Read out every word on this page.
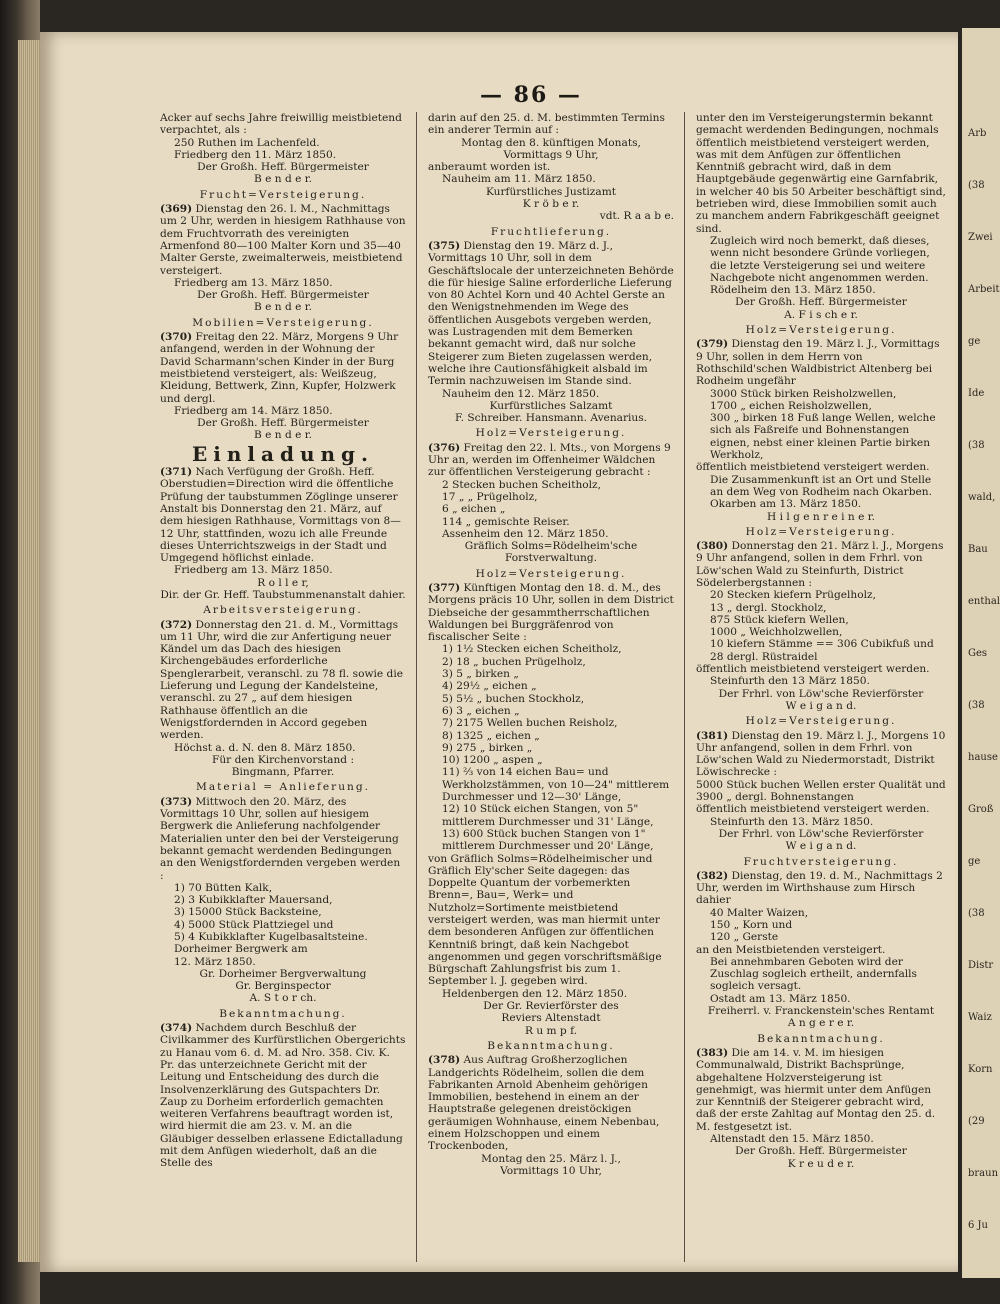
— 86 —

Acker auf sechs Jahre freiwillig meistbietend verpachtet, als :

250 Ruthen im Lachenfeld.

Friedberg den 11. März 1850.

Der Großh. Heff. Bürgermeister

B e n d e r.

Frucht=Versteigerung.

(369) Dienstag den 26. l. M., Nachmittags um 2 Uhr, werden in hiesigem Rathhause von dem Fruchtvorrath des vereinigten Armenfond 80—100 Malter Korn und 35—40 Malter Gerste, zweimalterweis, meistbietend versteigert.

Friedberg am 13. März 1850.

Der Großh. Heff. Bürgermeister

B e n d e r.

Mobilien=Versteigerung.

(370) Freitag den 22. März, Morgens 9 Uhr anfangend, werden in der Wohnung der David Scharmann'schen Kinder in der Burg meistbietend versteigert, als: Weißzeug, Kleidung, Bettwerk, Zinn, Kupfer, Holzwerk und dergl.

Friedberg am 14. März 1850.

Der Großh. Heff. Bürgermeister

B e n d e r.

Einladung.

(371) Nach Verfügung der Großh. Heff. Oberstudien=Direction wird die öffentliche Prüfung der taubstummen Zöglinge unserer Anstalt bis Donnerstag den 21. März, auf dem hiesigen Rathhause, Vormittags von 8—12 Uhr, stattfinden, wozu ich alle Freunde dieses Unterrichtszweigs in der Stadt und Umgegend höflichst einlade.

Friedberg am 13. März 1850.

R o l l e r,

Dir. der Gr. Heff. Taubstummenanstalt dahier.

Arbeitsversteigerung.

(372) Donnerstag den 21. d. M., Vormittags um 11 Uhr, wird die zur Anfertigung neuer Kändel um das Dach des hiesigen Kirchengebäudes erforderliche Spenglerarbeit, veranschl. zu 78 fl. sowie die Lieferung und Legung der Kandelsteine, veranschl. zu 27 „ auf dem hiesigen Rathhause öffentlich an die Wenigstfordernden in Accord gegeben werden.

Höchst a. d. N. den 8. März 1850.

Für den Kirchenvorstand :

Bingmann, Pfarrer.

Material = Anlieferung.

(373) Mittwoch den 20. März, des Vormittags 10 Uhr, sollen auf hiesigem Bergwerk die Anlieferung nachfolgender Materialien unter den bei der Versteigerung bekannt gemacht werdenden Bedingungen an den Wenigstfordernden vergeben werden :

1) 70 Bütten Kalk,

2) 3 Kubikklafter Mauersand,

3) 15000 Stück Backsteine,

4) 5000 Stück Plattziegel und

5) 4 Kubikklafter Kugelbasaltsteine.

Dorheimer Bergwerk am

12. März 1850.

Gr. Dorheimer Bergverwaltung

Gr. Berginspector

A. S t o r ch.

Bekanntmachung.

(374) Nachdem durch Beschluß der Civilkammer des Kurfürstlichen Obergerichts zu Hanau vom 6. d. M. ad Nro. 358. Civ. K. Pr. das unterzeichnete Gericht mit der Leitung und Entscheidung des durch die Insolvenzerklärung des Gutspachters Dr. Zaup zu Dorheim erforderlich gemachten weiteren Verfahrens beauftragt worden ist, wird hiermit die am 23. v. M. an die Gläubiger desselben erlassene Edictalladung mit dem Anfügen wiederholt, daß an die Stelle des

darin auf den 25. d. M. bestimmten Termins ein anderer Termin auf :

Montag den 8. künftigen Monats,

Vormittags 9 Uhr,

anberaumt worden ist.

Nauheim am 11. März 1850.

Kurfürstliches Justizamt

K r ö b e r.

vdt. R a a b e.

Fruchtlieferung.

(375) Dienstag den 19. März d. J., Vormittags 10 Uhr, soll in dem Geschäftslocale der unterzeichneten Behörde die für hiesige Saline erforderliche Lieferung von 80 Achtel Korn und 40 Achtel Gerste an den Wenigstnehmenden im Wege des öffentlichen Ausgebots vergeben werden, was Lustragenden mit dem Bemerken bekannt gemacht wird, daß nur solche Steigerer zum Bieten zugelassen werden, welche ihre Cautionsfähigkeit alsbald im Termin nachzuweisen im Stande sind.

Nauheim den 12. März 1850.

Kurfürstliches Salzamt

F. Schreiber. Hansmann. Avenarius.

Holz=Versteigerung.

(376) Freitag den 22. l. Mts., von Morgens 9 Uhr an, werden im Offenheimer Wäldchen zur öffentlichen Versteigerung gebracht :

2 Stecken buchen Scheitholz,

17 „ „ Prügelholz,

6 „ eichen „

114 „ gemischte Reiser.

Assenheim den 12. März 1850.

Gräflich Solms=Rödelheim'sche Forstverwaltung.

Holz=Versteigerung.

(377) Künftigen Montag den 18. d. M., des Morgens präcis 10 Uhr, sollen in dem District Diebseiche der gesammtherrschaftlichen Waldungen bei Burggräfenrod von fiscalischer Seite :

1) 1½ Stecken eichen Scheitholz,

2) 18 „ buchen Prügelholz,

3) 5 „ birken „

4) 29½ „ eichen „

5) 5½ „ buchen Stockholz,

6) 3 „ eichen „

7) 2175 Wellen buchen Reisholz,

8) 1325 „ eichen „

9) 275 „ birken „

10) 1200 „ aspen „

11) ⅔ von 14 eichen Bau= und Werkholzstämmen, von 10—24" mittlerem Durchmesser und 12—30' Länge,

12) 10 Stück eichen Stangen, von 5" mittlerem Durchmesser und 31' Länge,

13) 600 Stück buchen Stangen von 1" mittlerem Durchmesser und 20' Länge,

von Gräflich Solms=Rödelheimischer und Gräflich Ely'scher Seite dagegen: das Doppelte Quantum der vorbemerkten Brenn=, Bau=, Werk= und Nutzholz=Sortimente meistbietend versteigert werden, was man hiermit unter dem besonderen Anfügen zur öffentlichen Kenntniß bringt, daß kein Nachgebot angenommen und gegen vorschriftsmäßige Bürgschaft Zahlungsfrist bis zum 1. September l. J. gegeben wird.

Heldenbergen den 12. März 1850.

Der Gr. Revierförster des

Reviers Altenstadt

R u m p f.

Bekanntmachung.

(378) Aus Auftrag Großherzoglichen Landgerichts Rödelheim, sollen die dem Fabrikanten Arnold Abenheim gehörigen Immobilien, bestehend in einem an der Hauptstraße gelegenen dreistöckigen geräumigen Wohnhause, einem Nebenbau, einem Holzschoppen und einem Trockenboden,

Montag den 25. März l. J.,

Vormittags 10 Uhr,

unter den im Versteigerungstermin bekannt gemacht werdenden Bedingungen, nochmals öffentlich meistbietend versteigert werden, was mit dem Anfügen zur öffentlichen Kenntniß gebracht wird, daß in dem Hauptgebäude gegenwärtig eine Garnfabrik, in welcher 40 bis 50 Arbeiter beschäftigt sind, betrieben wird, diese Immobilien somit auch zu manchem andern Fabrikgeschäft geeignet sind.

Zugleich wird noch bemerkt, daß dieses, wenn nicht besondere Gründe vorliegen, die letzte Versteigerung sei und weitere Nachgebote nicht angenommen werden.

Rödelheim den 13. März 1850.

Der Großh. Heff. Bürgermeister

A. F i s ch e r.

Holz=Versteigerung.

(379) Dienstag den 19. März l. J., Vormittags 9 Uhr, sollen in dem Herrn von Rothschild'schen Waldbistrict Altenberg bei Rodheim ungefähr

3000 Stück birken Reisholzwellen,

1700 „ eichen Reisholzwellen,

300 „ birken 18 Fuß lange Wellen, welche sich als Faßreife und Bohnenstangen eignen, nebst einer kleinen Partie birken Werkholz,

öffentlich meistbietend versteigert werden.

Die Zusammenkunft ist an Ort und Stelle an dem Weg von Rodheim nach Okarben.

Okarben am 13. März 1850.

H i l g e n r e i n e r.

Holz=Versteigerung.

(380) Donnerstag den 21. März l. J., Morgens 9 Uhr anfangend, sollen in dem Frhrl. von Löw'schen Wald zu Steinfurth, District Södelerbergstannen :

20 Stecken kiefern Prügelholz,

13 „ dergl. Stockholz,

875 Stück kiefern Wellen,

1000 „ Weichholzwellen,

10 kiefern Stämme == 306 Cubikfuß und

28 dergl. Rüstraidel

öffentlich meistbietend versteigert werden.

Steinfurth den 13 März 1850.

Der Frhrl. von Löw'sche Revierförster

W e i g a n d.

Holz=Versteigerung.

(381) Dienstag den 19. März l. J., Morgens 10 Uhr anfangend, sollen in dem Frhrl. von Löw'schen Wald zu Niedermorstadt, Distrikt Löwischrecke :

5000 Stück buchen Wellen erster Qualität und

3900 „ dergl. Bohnenstangen

öffentlich meistbietend versteigert werden.

Steinfurth den 13. März 1850.

Der Frhrl. von Löw'sche Revierförster

W e i g a n d.

Fruchtversteigerung.

(382) Dienstag, den 19. d. M., Nachmittags 2 Uhr, werden im Wirthshause zum Hirsch dahier

40 Malter Waizen,

150 „ Korn und

120 „ Gerste

an den Meistbietenden versteigert.

Bei annehmbaren Geboten wird der Zuschlag sogleich ertheilt, andernfalls sogleich versagt.

Ostadt am 13. März 1850.

Freiherrl. v. Franckenstein'sches Rentamt

A n g e r e r.

Bekanntmachung.

(383) Die am 14. v. M. im hiesigen Communalwald, Distrikt Bachsprünge, abgehaltene Holzversteigerung ist genehmigt, was hiermit unter dem Anfügen zur Kenntniß der Steigerer gebracht wird, daß der erste Zahltag auf Montag den 25. d. M. festgesetzt ist.

Altenstadt den 15. März 1850.

Der Großh. Heff. Bürgermeister

K r e u d e r.

Arb
(38
Zwei
Arbeit
ge
Ide
(38
wald,
Bau
enthal
Ges
(38
hause
Groß
ge
(38
Distr
Waiz
Korn
(29
braun
6 Ju
